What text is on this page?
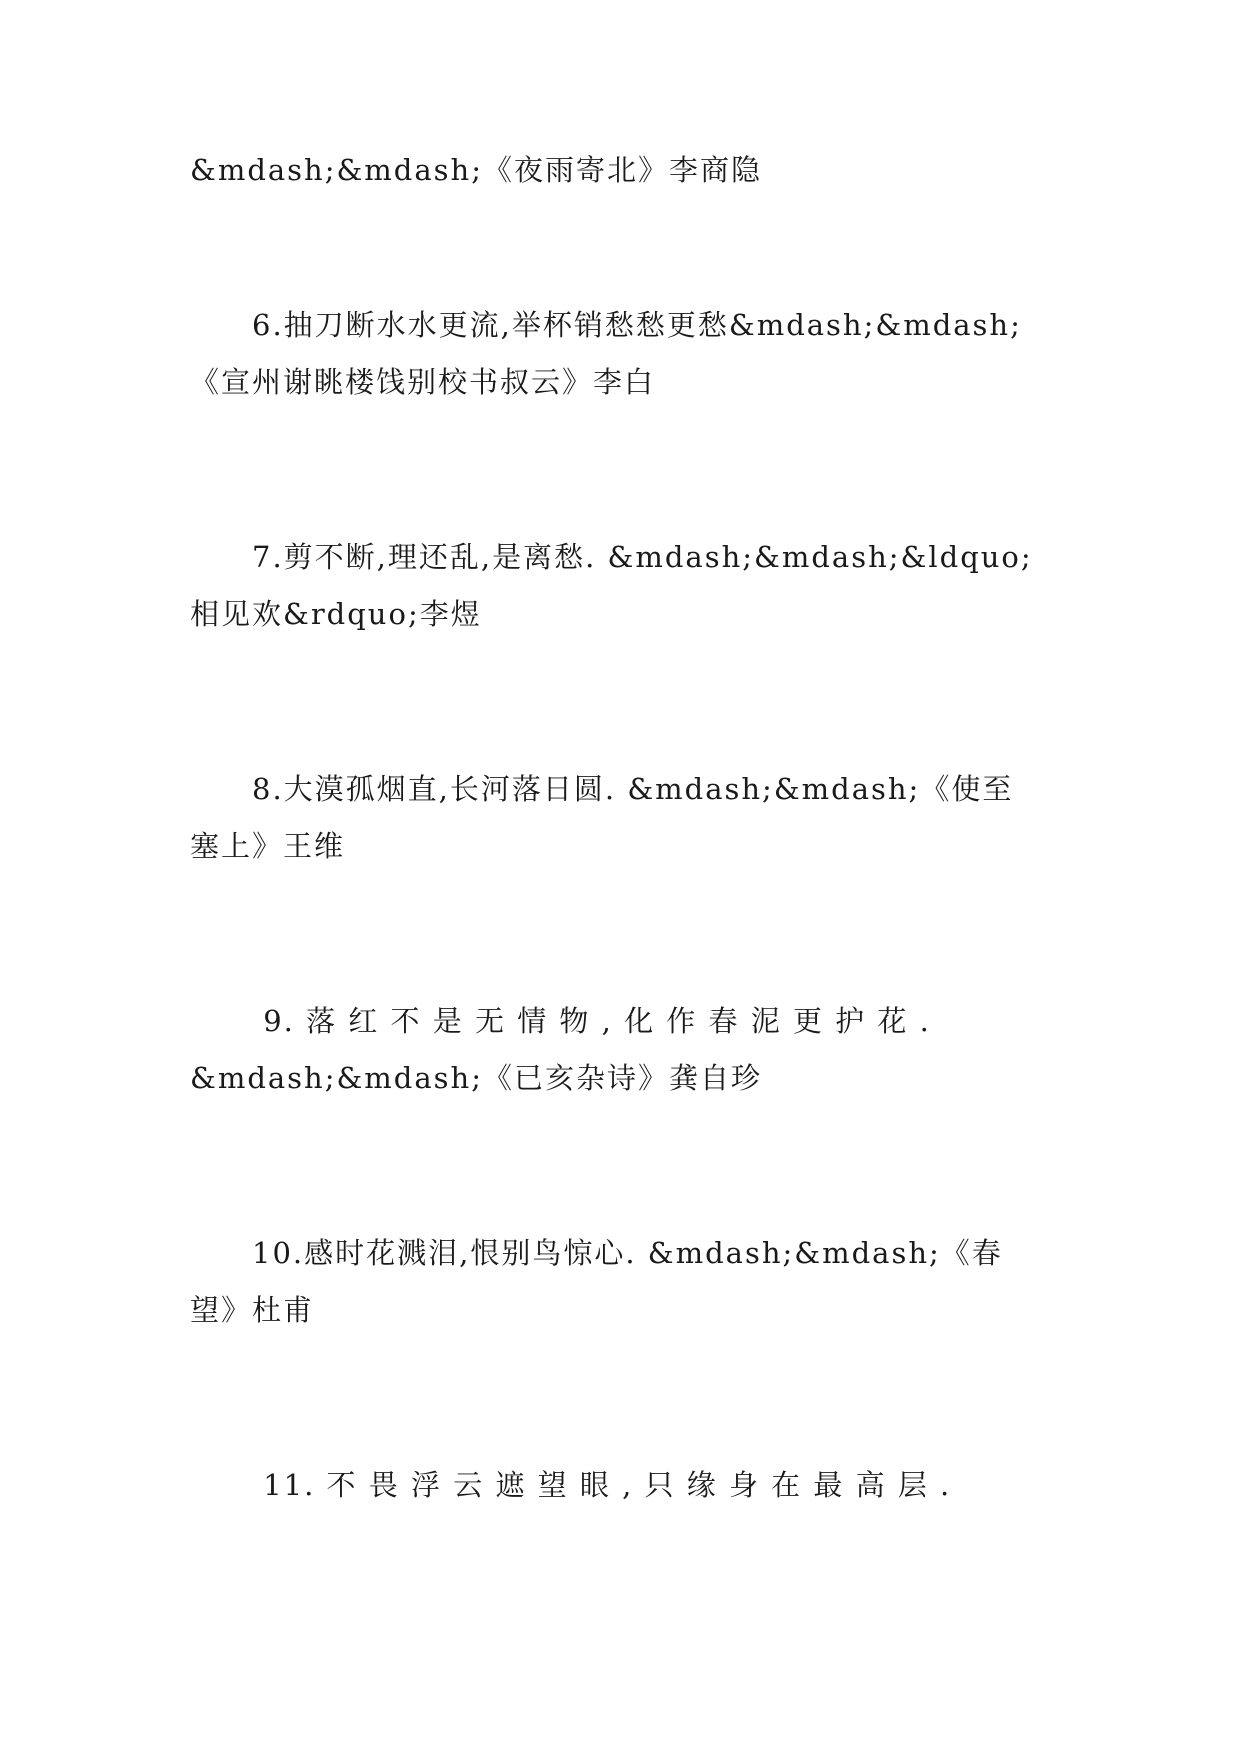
&mdash;&mdash;《夜雨寄北》李商隐

　　6.抽刀断水水更流,举杯销愁愁更愁&mdash;&mdash;
《宣州谢眺楼饯别校书叔云》李白

　　7.剪不断,理还乱,是离愁. &mdash;&mdash;&ldquo;
相见欢&rdquo;李煜

　　8.大漠孤烟直,长河落日圆. &mdash;&mdash;《使至
塞上》王维

　　 9. 落 红 不 是 无 情 物 , 化 作 春 泥 更 护 花 .
&mdash;&mdash;《已亥杂诗》龚自珍

　　10.感时花溅泪,恨别鸟惊心. &mdash;&mdash;《春
望》杜甫

　　 11. 不 畏 浮 云 遮 望 眼 , 只 缘 身 在 最 高 层 .
